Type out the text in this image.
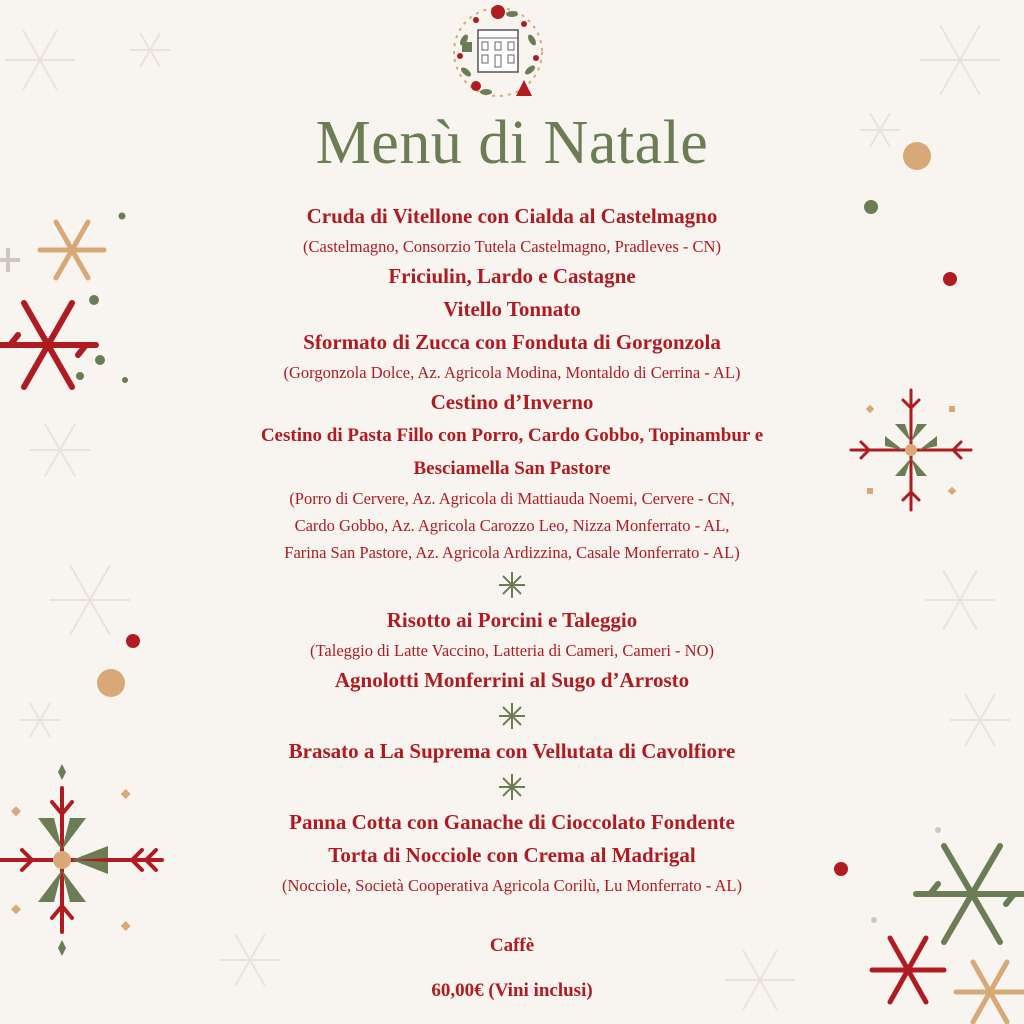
Menù di Natale
Cruda di Vitellone con Cialda al Castelmagno
(Castelmagno, Consorzio Tutela Castelmagno, Pradleves - CN)
Friciulin, Lardo e Castagne
Vitello Tonnato
Sformato di Zucca con Fonduta di Gorgonzola
(Gorgonzola Dolce, Az. Agricola Modina, Montaldo di Cerrina - AL)
Cestino d’Inverno
Cestino di Pasta Fillo con Porro, Cardo Gobbo, Topinambur e
Besciamella San Pastore
(Porro di Cervere, Az. Agricola di Mattiauda Noemi, Cervere - CN,
Cardo Gobbo, Az. Agricola Carozzo Leo, Nizza Monferrato - AL,
Farina San Pastore, Az. Agricola Ardizzina, Casale Monferrato - AL)
Risotto ai Porcini e Taleggio
(Taleggio di Latte Vaccino, Latteria di Cameri, Cameri - NO)
Agnolotti Monferrini al Sugo d’Arrosto
Brasato a La Suprema con Vellutata di Cavolfiore
Panna Cotta con Ganache di Cioccolato Fondente
Torta di Nocciole con Crema al Madrigal
(Nocciole, Società Cooperativa Agricola Corilù, Lu Monferrato - AL)
Caffè
60,00€ (Vini inclusi)
